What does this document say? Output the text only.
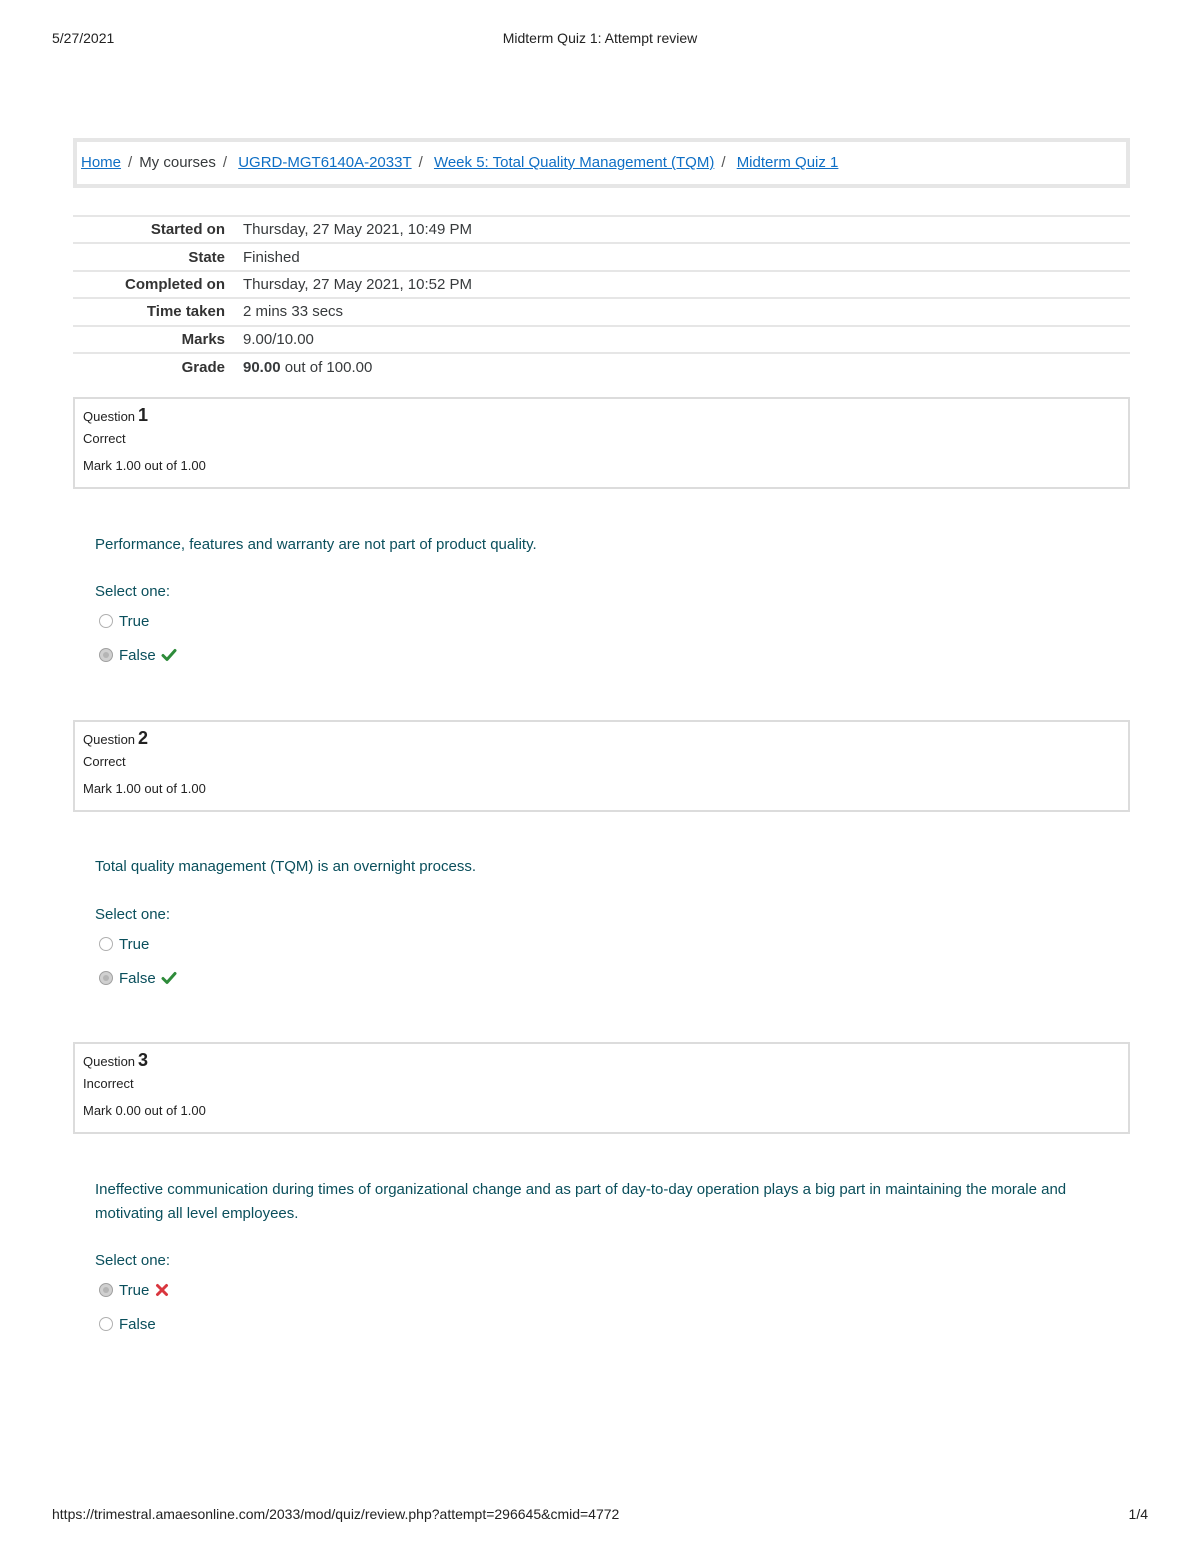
5/27/2021	Midterm Quiz 1: Attempt review
Home / My courses / UGRD-MGT6140A-2033T / Week 5: Total Quality Management (TQM) / Midterm Quiz 1
Started on	Thursday, 27 May 2021, 10:49 PM
State	Finished
Completed on	Thursday, 27 May 2021, 10:52 PM
Time taken	2 mins 33 secs
Marks	9.00/10.00
Grade	90.00 out of 100.00
Question 1
Correct
Mark 1.00 out of 1.00
Performance, features and warranty are not part of product quality.
Select one:
True
False
Question 2
Correct
Mark 1.00 out of 1.00
Total quality management (TQM) is an overnight process.
Select one:
True
False
Question 3
Incorrect
Mark 0.00 out of 1.00
Ineffective communication during times of organizational change and as part of day-to-day operation plays a big part in maintaining the morale and motivating all level employees.
Select one:
True
False
https://trimestral.amaesonline.com/2033/mod/quiz/review.php?attempt=296645&cmid=4772	1/4
